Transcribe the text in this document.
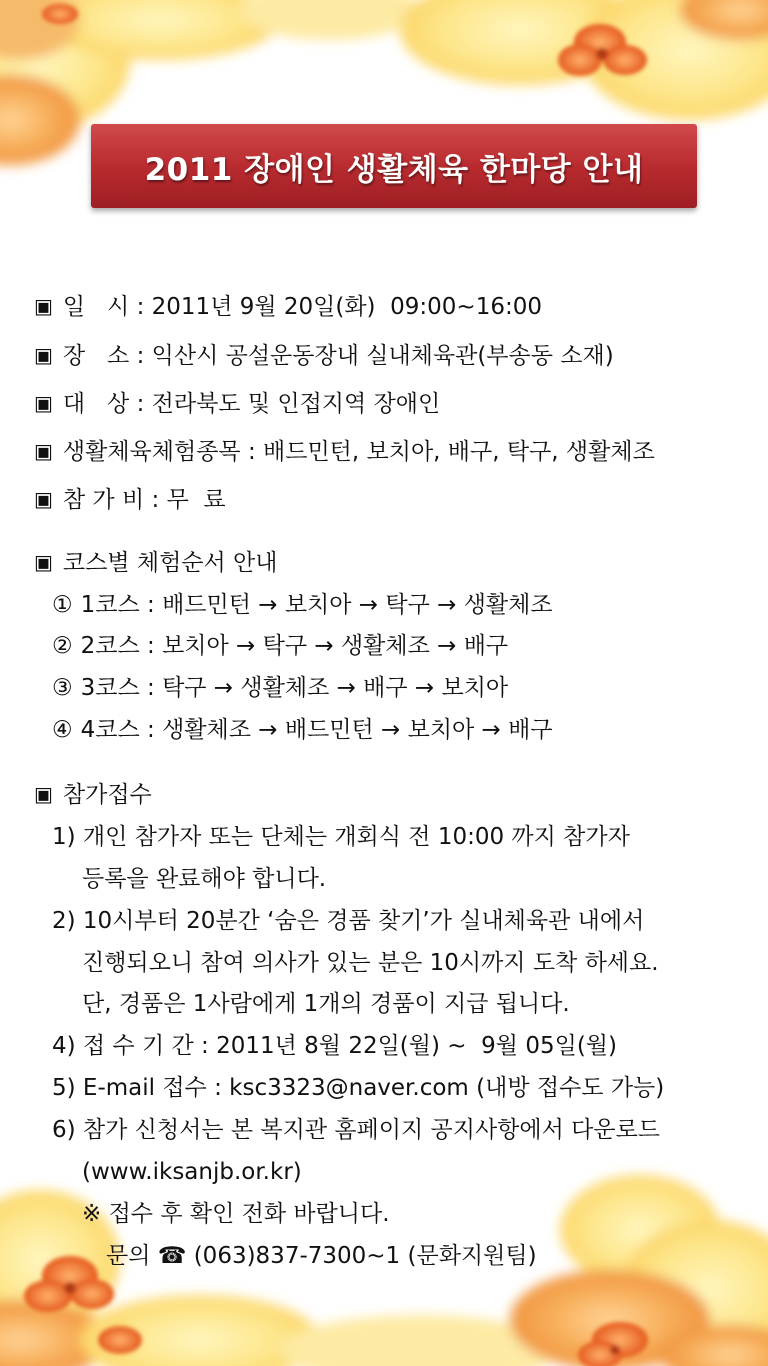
2011 장애인 생활체육 한마당 안내
▣ 일   시 : 2011년 9월 20일(화)  09:00~16:00
▣ 장   소 : 익산시 공설운동장내 실내체육관(부송동 소재)
▣ 대   상 : 전라북도 및 인접지역 장애인
▣ 생활체육체험종목 : 배드민턴, 보치아, 배구, 탁구, 생활체조
▣ 참 가 비 : 무  료
▣ 코스별 체험순서 안내
① 1코스 : 배드민턴 → 보치아 → 탁구 → 생활체조
② 2코스 : 보치아 → 탁구 → 생활체조 → 배구
③ 3코스 : 탁구 → 생활체조 → 배구 → 보치아
④ 4코스 : 생활체조 → 배드민턴 → 보치아 → 배구
▣ 참가접수
1) 개인 참가자 또는 단체는 개회식 전 10:00 까지 참가자
등록을 완료해야 합니다.
2) 10시부터 20분간 ‘숨은 경품 찾기’가 실내체육관 내에서
진행되오니 참여 의사가 있는 분은 10시까지 도착 하세요.
단, 경품은 1사람에게 1개의 경품이 지급 됩니다.
4) 접 수 기 간 : 2011년 8월 22일(월) ~  9월 05일(월)
5) E-mail 접수 : ksc3323@naver.com (내방 접수도 가능)
6) 참가 신청서는 본 복지관 홈페이지 공지사항에서 다운로드
(www.iksanjb.or.kr)
※ 접수 후 확인 전화 바랍니다.
문의 ☎ (063)837-7300~1 (문화지원팀)
